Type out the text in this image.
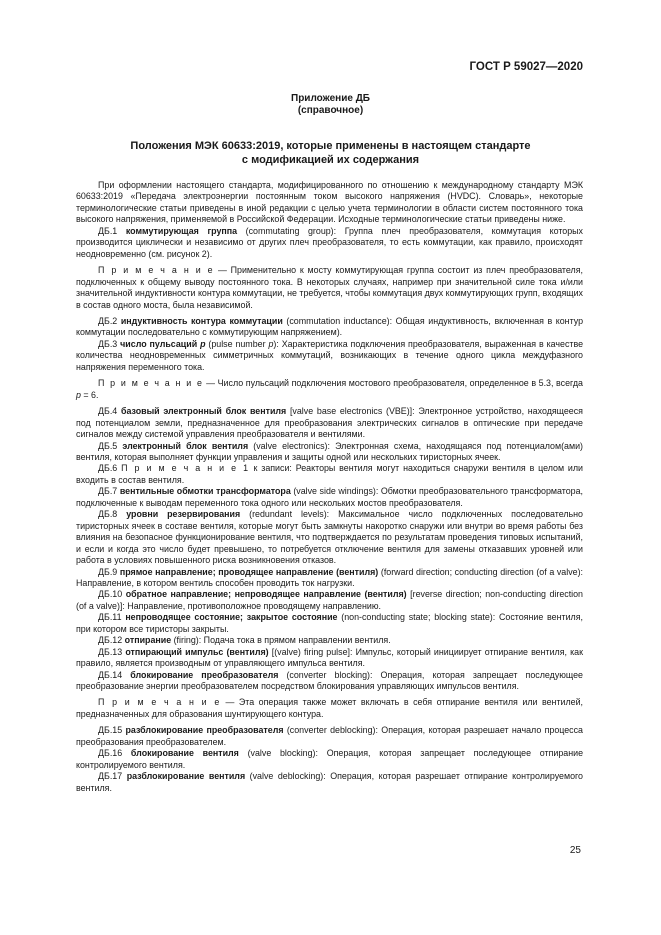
ГОСТ Р 59027—2020
Приложение ДБ
(справочное)
Положения МЭК 60633:2019, которые применены в настоящем стандарте
с модификацией их содержания

При оформлении настоящего стандарта, модифицированного по отношению к международному стандарту МЭК 60633:2019 «Передача электроэнергии постоянным током высокого напряжения (HVDC). Словарь», некоторые терминологические статьи приведены в иной редакции с целью учета терминологии в области систем постоянного тока высокого напряжения, применяемой в Российской Федерации. Исходные терминологические статьи приведены ниже.

ДБ.1 коммутирующая группа (commutating group): Группа плеч преобразователя, коммутация которых производится циклически и независимо от других плеч преобразователя, то есть коммутации, как правило, происходят неодновременно (см. рисунок 2).

П р и м е ч а н и е — Применительно к мосту коммутирующая группа состоит из плеч преобразователя, подключенных к общему выводу постоянного тока. В некоторых случаях, например при значительной силе тока и/или значительной индуктивности контура коммутации, не требуется, чтобы коммутация двух коммутирующих групп, входящих в состав одного моста, была независимой.

ДБ.2 индуктивность контура коммутации (commutation inductance): Общая индуктивность, включенная в контур коммутации последовательно с коммутирующим напряжением).

ДБ.3 число пульсаций p (pulse number p): Характеристика подключения преобразователя, выраженная в качестве количества неодновременных симметричных коммутаций, возникающих в течение одного цикла междуфазного напряжения переменного тока.

П р и м е ч а н и е — Число пульсаций подключения мостового преобразователя, определенное в 5.3, всегда p = 6.

ДБ.4 базовый электронный блок вентиля [valve base electronics (VBE)]: Электронное устройство, находящееся под потенциалом земли, предназначенное для преобразования электрических сигналов в оптические при передаче сигналов между системой управления преобразователя и вентилями.

ДБ.5 электронный блок вентиля (valve electronics): Электронная схема, находящаяся под потенциалом(ами) вентиля, которая выполняет функции управления и защиты одной или нескольких тиристорных ячеек.

ДБ.6 П р и м е ч а н и е 1 к записи: Реакторы вентиля могут находиться снаружи вентиля в целом или входить в состав вентиля.

ДБ.7 вентильные обмотки трансформатора (valve side windings): Обмотки преобразовательного трансформатора, подключенные к выводам переменного тока одного или нескольких мостов преобразователя.

ДБ.8 уровни резервирования (redundant levels): Максимальное число подключенных последовательно тиристорных ячеек в составе вентиля, которые могут быть замкнуты накоротко снаружи или внутри во время работы без влияния на безопасное функционирование вентиля, что подтверждается по результатам проведения типовых испытаний, и если и когда это число будет превышено, то потребуется отключение вентиля для замены отказавших уровней или работа в условиях повышенного риска возникновения отказов.

ДБ.9 прямое направление; проводящее направление (вентиля) (forward direction; conducting direction (of a valve): Направление, в котором вентиль способен проводить ток нагрузки.

ДБ.10 обратное направление; непроводящее направление (вентиля) [reverse direction; non-conducting direction (of a valve)]: Направление, противоположное проводящему направлению.

ДБ.11 непроводящее состояние; закрытое состояние (non-conducting state; blocking state): Состояние вентиля, при котором все тиристоры закрыты.

ДБ.12 отпирание (firing): Подача тока в прямом направлении вентиля.

ДБ.13 отпирающий импульс (вентиля) [(valve) firing pulse]: Импульс, который инициирует отпирание вентиля, как правило, является производным от управляющего импульса вентиля.

ДБ.14 блокирование преобразователя (converter blocking): Операция, которая запрещает последующее преобразование энергии преобразователем посредством блокирования управляющих импульсов вентиля.

П р и м е ч а н и е — Эта операция также может включать в себя отпирание вентиля или вентилей, предназначенных для образования шунтирующего контура.

ДБ.15 разблокирование преобразователя (converter deblocking): Операция, которая разрешает начало процесса преобразования преобразователем.

ДБ.16 блокирование вентиля (valve blocking): Операция, которая запрещает последующее отпирание контролируемого вентиля.

ДБ.17 разблокирование вентиля (valve deblocking): Операция, которая разрешает отпирание контролируемого вентиля.

25
